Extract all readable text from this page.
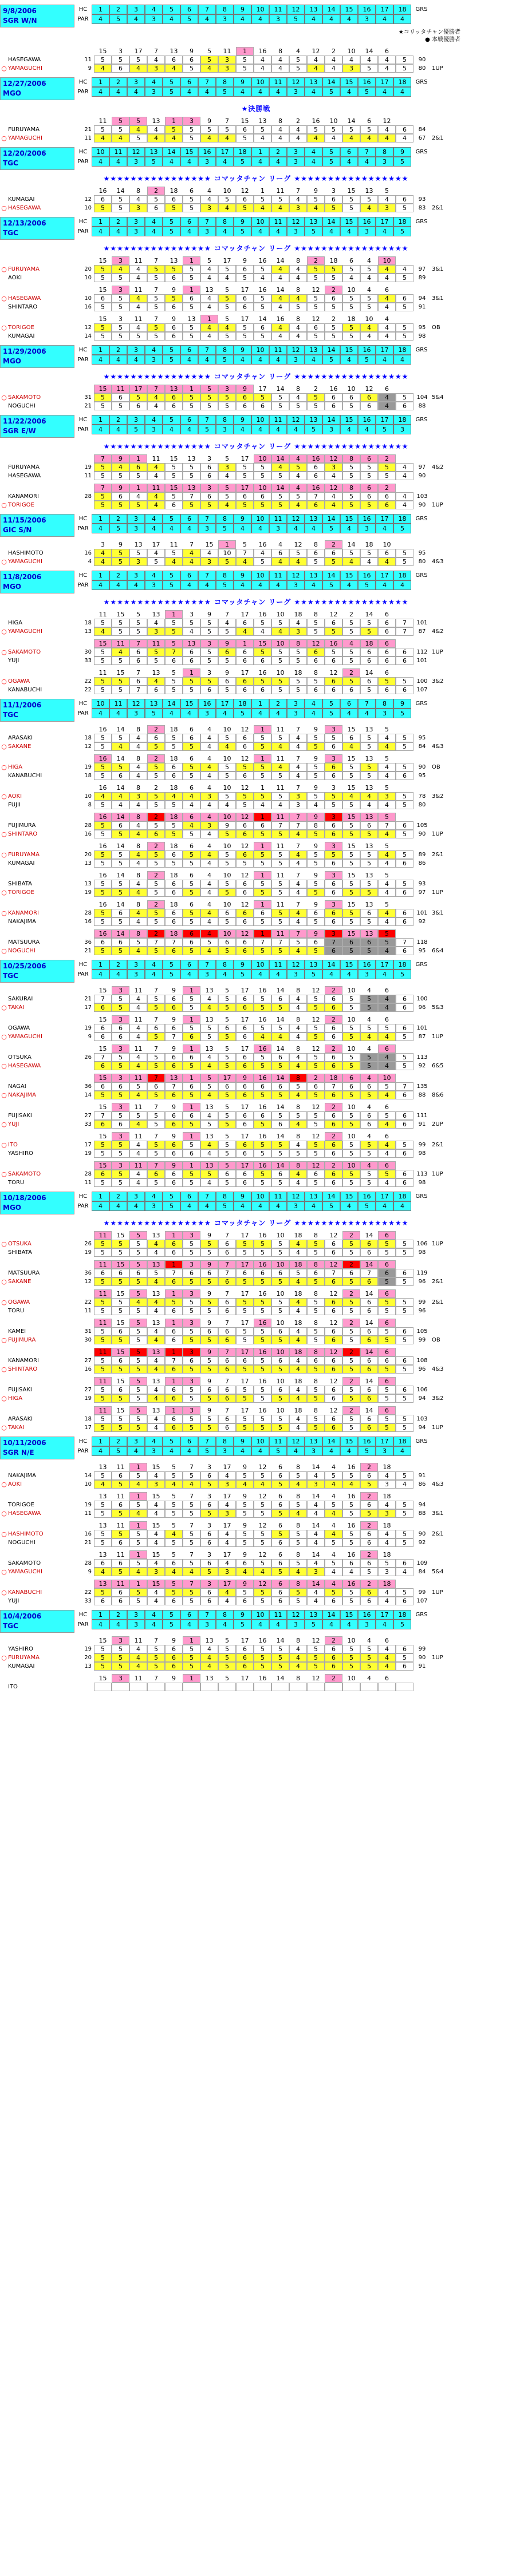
9/8/2006
SGR W/N
HC	1	2	3	4	5	6	7	8	9	10	11	12	13	14	15	16	17	18	GRS
PAR	4	5	4	3	4	5	4	3	4	4	3	5	4	4	4	3	4	4
★コリッタチャン優勝者
● 本戦優勝者
15	3	17	7	13	9	5	11	1	16	8	4	12	2	10	14	6
HASEGAWA	11	5	5	5	4	6	6	5	3	5	4	4	5	4	4	4	4	4	5	90
○ YAMAGUCHI	9	4	6	4	3	4	5	4	3	5	4	4	5	4	4	3	5	4	5	80	1UP
12/27/2006
MGO
HC	1	2	3	4	5	6	7	8	9	10	11	12	13	14	15	16	17	18	GRS
PAR	4	4	4	3	5	4	4	5	4	4	4	3	4	5	4	5	4	4
★決勝戦
11	5	5	13	1	3	9	7	15	13	8	2	16	10	14	6	12
FURUYAMA	21	5	5	4	4	5	5	5	5	6	5	4	4	5	5	5	5	4	6	84
○ YAMAGUCHI	11	4	4	5	4	4	5	4	4	5	4	4	4	4	4	4	4	4	4	67	2&1
12/20/2006
TGC
HC	10	11	12	13	14	15	16	17	18	1	2	3	4	5	6	7	8	9	GRS
PAR	4	4	3	5	4	4	3	4	5	4	4	3	4	5	4	4	3	5
★★★★★★★★★★★★★★★★ コマッタチャン リーグ ★★★★★★★★★★★★★★★★★
16	14	8	2	18	6	4	10	12	1	11	7	9	3	15	13	5
KUMAGAI	12	6	5	4	5	6	5	4	5	6	5	5	4	5	6	5	5	4	6	93
○ HASEGAWA	10	5	5	3	6	5	5	3	4	5	4	4	3	4	5	5	4	3	5	83	2&1
12/13/2006
TGC
HC	1	2	3	4	5	6	7	8	9	10	11	12	13	14	15	16	17	18	GRS
PAR	4	4	3	4	5	4	3	4	5	4	4	3	5	4	4	3	4	5
★★★★★★★★★★★★★★★★ コマッタチャン リーグ ★★★★★★★★★★★★★★★★★
15	3	11	7	13	1	5	17	9	16	14	8	2	18	6	4	10
○ FURUYAMA	20	5	4	4	5	5	5	4	5	6	5	4	4	5	5	5	5	4	4	97	3&1
AOKI	10	5	5	4	5	6	5	4	4	5	4	4	4	5	5	4	4	4	5	89
15	3	11	7	9	1	13	5	17	16	14	8	12	2	10	4	6
○ HASEGAWA	10	6	5	4	5	5	6	4	5	6	5	4	4	5	6	5	5	4	6	94	3&1
SHINTARO	16	5	5	4	5	6	5	4	5	6	5	4	5	5	5	5	5	4	5	91
15	3	11	7	9	13	1	5	17	14	16	8	12	2	18	10	4
○ TORIGOE	12	5	5	4	5	6	5	4	4	5	6	4	4	6	5	5	4	4	5	95	OB
KUMAGAI	14	5	5	5	5	6	5	4	5	5	5	4	4	5	5	5	4	4	5	98
11/29/2006
MGO
HC	1	2	3	4	5	6	7	8	9	10	11	12	13	14	15	16	17	18	GRS
PAR	4	4	4	3	5	4	4	5	4	4	4	3	4	5	4	5	4	4
★★★★★★★★★★★★★★★★ コマッタチャン リーグ ★★★★★★★★★★★★★★★★★
15	11	17	7	13	1	5	3	9	17	14	8	2	16	10	12	6
○ SAKAMOTO	31	5	6	5	4	6	5	5	5	6	5	5	4	5	6	6	6	4	5	104 5&4
NOGUCHI	21	5	5	6	4	6	5	5	5	6	6	5	5	5	6	5	6	4	6	88
11/22/2006
SGR E/W
HC	1	2	3	4	5	6	7	8	9	10	11	12	13	14	15	16	17	18	GRS
PAR	4	4	5	3	4	4	5	3	4	4	4	4	5	3	4	4	5	3
★★★★★★★★★★★★★★★★ コマッタチャン リーグ ★★★★★★★★★★★★★★★★★
7	9	1	11	15	13	3	5	17	10	14	4	16	12	8	6	2
FURUYAMA	19	5	4	6	4	5	5	6	3	5	5	4	5	6	3	5	5	5	4	97	4&2
HASEGAWA	11	5	5	5	4	5	5	6	4	5	5	5	4	6	4	5	5	5	4	90
7	9	1	11	15	13	3	5	17	10	14	4	16	12	8	6	2
KANAMORI	28	5	6	4	4	5	7	6	5	6	6	5	5	7	4	5	6	6	4	103
○ TORIGOE	5	5	5	4	6	5	5	4	5	5	5	4	6	4	5	5	6	4	90	1UP
11/15/2006
GIC S/N
HC	1	2	3	4	5	6	7	8	9	10	11	12	13	14	15	16	17	18	GRS
PAR	4	5	3	4	4	4	3	5	4	4	3	4	4	5	4	3	4	5
3	9	13	17	11	7	15	1	5	16	4	12	8	2	14	18	10
HASHIMOTO	16	4	5	5	4	5	4	4	10	7	4	6	5	6	6	5	5	6	5	95
○ YAMAGUCHI	4	4	5	3	5	4	4	3	5	4	5	4	4	5	5	4	4	4	5	80	4&3
11/8/2006
MGO
HC	1	2	3	4	5	6	7	8	9	10	11	12	13	14	15	16	17	18	GRS
PAR	4	4	4	3	5	4	4	5	4	4	4	3	4	5	4	5	4	4
★★★★★★★★★★★★★★★★ コマッタチャン リーグ ★★★★★★★★★★★★★★★★★
11	15	5	13	1	3	9	7	17	16	10	18	8	12	2	14	6
HIGA	18	5	5	5	4	5	5	5	4	6	5	5	4	5	6	5	5	6	7	101
○ YAMAGUCHI	13	4	5	5	3	5	4	5	5	4	4	4	3	5	5	5	5	6	7	87	4&2
15	11	7	11	5	13	3	9	1	15	10	8	12	16	4	18	6
○ SAKAMOTO	30	5	4	6	5	7	6	5	6	6	5	5	5	6	5	5	6	6	6	112 1UP
YUJI	33	5	5	6	5	6	6	5	5	6	6	5	5	6	6	5	6	6	6	101
11	15	7	13	5	1	3	9	17	16	10	18	8	12	2	14	6
○ OGAWA	22	5	5	6	4	5	5	5	6	6	5	5	5	5	6	5	6	5	5	100 3&2
KANABUCHI	22	5	5	7	6	5	5	6	5	6	6	5	5	6	6	6	5	6	6	107
11/1/2006
TGC
HC	10	11	12	13	14	15	16	17	18	1	2	3	4	5	6	7	8	9	GRS
PAR	4	4	3	5	4	4	3	4	5	4	4	3	4	5	4	4	3	5
16	14	8	2	18	6	4	10	12	1	11	7	9	3	15	13	5
ARASAKI	18	5	5	4	6	5	6	4	5	6	5	5	4	5	5	6	5	4	5	95
○ SAKANE	12	5	4	4	5	5	5	4	4	6	5	4	4	5	6	4	5	4	5	84	4&3
16	14	8	2	18	6	4	10	12	1	11	7	9	3	15	13	5
○ HIGA	19	5	5	4	5	6	5	4	5	5	5	4	4	5	6	5	5	4	5	90	OB
KANABUCHI	18	5	6	4	5	6	5	4	5	6	5	5	4	5	6	5	5	4	6	95
16	14	8	2	18	6	4	10	12	1	11	7	9	3	15	13	5
○ AOKI	10	4	4	3	5	4	4	3	5	5	5	5	3	5	5	4	4	3	5	78	3&2
FUJII	8	5	4	4	5	5	4	4	4	5	4	4	3	4	5	5	4	4	5	80
16	14	8	2	18	6	4	10	12	1	11	7	9	3	15	13	5
FUJIMURA	28	5	6	4	5	5	4	3	9	6	6	7	7	8	6	5	6	7	6	105
○ SHINTARO	16	5	5	4	6	5	5	4	5	6	5	5	4	5	6	5	5	4	5	90	1UP
16	14	8	2	18	6	4	10	12	1	11	7	9	3	15	13	5
○ FURUYAMA	20	5	5	4	5	6	5	4	5	6	5	5	4	5	5	5	5	4	5	89	2&1
KUMAGAI	13	5	5	4	5	5	5	4	5	5	5	5	4	5	6	5	5	4	6	86
16	14	8	2	18	6	4	10	12	1	11	7	9	3	15	13	5
SHIBATA	13	5	5	4	5	6	5	4	5	6	5	5	4	5	6	5	5	4	5	93
○ TORIGOE	19	5	5	4	5	6	5	4	5	6	5	5	4	5	6	5	5	4	6	97	1UP
16	14	8	2	18	6	4	10	12	1	11	7	9	3	15	13	5
○ KANAMORI	28	5	6	4	5	6	5	4	6	6	6	5	4	6	6	5	6	4	6	101 3&1
NAKAJIMA	16	5	5	4	5	6	5	4	5	6	5	5	4	5	6	5	5	4	6	92
16	14	8	2	18	6	4	10	12	1	11	7	9	3	15	13	5
MATSUURA	36	6	6	5	7	7	6	5	6	6	7	7	5	6	7	6	6	5	7	118
○ NOGUCHI	21	5	5	4	5	6	5	4	5	6	5	5	4	5	6	5	5	4	6	95	6&4
10/25/2006
TGC
HC	1	2	3	4	5	6	7	8	9	10	11	12	13	14	15	16	17	18	GRS
PAR	4	4	3	4	5	4	3	4	5	4	4	3	5	4	4	3	4	5
15	3	11	7	9	1	13	5	17	16	14	8	12	2	10	4	6
SAKURAI	21	7	5	4	5	6	5	4	5	6	5	6	4	5	6	5	5	4	6	100
○ TAKAI	17	6	5	4	5	6	5	4	5	6	5	5	4	5	6	5	5	4	6	96	5&3
15	3	11	7	9	1	13	5	17	16	14	8	12	2	10	4	6
OGAWA	19	6	6	4	6	6	5	5	6	6	5	5	4	5	6	5	5	5	6	101
○ YAMAGUCHI	9	6	6	4	5	7	6	5	5	6	4	4	4	5	6	5	4	4	5	87	1UP
15	3	11	7	9	1	13	5	17	16	14	8	12	2	10	4	6
OTSUKA	26	7	5	4	5	6	6	4	5	6	5	6	4	5	6	5	5	4	5	113
○ HASEGAWA	6	5	4	5	6	5	4	5	6	5	5	4	5	6	5	5	4	5	92	6&5
15	3	11	7	13	1	5	17	9	16	14	8	2	18	6	4	10
NAGAI	36	6	6	5	6	7	6	5	6	6	6	6	5	6	7	6	6	5	7	135
○ NAKAJIMA	14	5	5	4	5	6	5	4	5	6	5	5	4	5	6	5	5	4	6	88	8&6
15	3	11	7	9	1	13	5	17	16	14	8	12	2	10	4	6
FUJISAKI	27	7	5	5	5	6	6	4	5	6	6	5	5	5	6	5	6	5	6	111
○ YUJI	33	6	6	4	5	6	5	5	5	6	5	6	4	5	6	5	6	4	6	91	2UP
15	3	11	7	9	1	13	5	17	16	14	8	12	2	10	4	6
○ ITO	17	5	5	4	5	6	5	4	5	6	5	5	4	5	6	5	5	4	5	99	2&1
YASHIRO	19	5	5	4	5	6	6	4	5	6	5	5	5	5	6	5	5	4	6	98
15	3	11	7	9	1	13	5	17	16	14	8	12	2	10	4	6
○ SAKAMOTO	28	6	5	4	6	6	5	5	6	6	5	6	4	6	6	5	5	5	6	113 1UP
TORU	11	5	5	4	5	6	5	4	5	6	5	5	4	5	6	5	5	4	6	98
10/18/2006
MGO
HC	1	2	3	4	5	6	7	8	9	10	11	12	13	14	15	16	17	18	GRS
PAR	4	4	4	3	5	4	4	5	4	4	4	3	4	5	4	5	4	4
★★★★★★★★★★★★★★★★ コマッタチャン リーグ ★★★★★★★★★★★★★★★★★
11	15	5	13	1	3	9	7	17	16	10	18	8	12	2	14	6
○ OTSUKA	26	5	5	5	4	6	5	5	6	5	5	5	4	5	6	5	6	5	5	106 1UP
SHIBATA	19	5	5	5	4	6	5	5	6	5	5	5	4	5	6	5	6	5	5	98
11	15	5	13	1	3	9	7	17	16	10	18	8	12	2	14	6
MATSUURA	36	6	6	6	5	7	6	6	7	6	6	6	5	6	7	6	7	6	6	119
○ SAKANE	12	5	5	5	4	6	5	5	6	5	5	5	4	5	6	5	6	5	5	96	2&1
11	15	5	13	1	3	9	7	17	16	10	18	8	12	2	14	6
○ OGAWA	22	5	5	4	4	5	5	5	6	5	5	5	4	5	6	5	6	5	5	99	2&1
TORU	11	5	5	5	4	6	5	5	6	5	5	5	4	5	6	5	6	5	5	96
11	15	5	13	1	3	9	7	17	16	10	18	8	12	2	14	6
KAMEI	31	5	6	5	4	6	5	6	6	5	5	6	4	5	6	5	6	5	6	105
○ FUJIMURA	30	5	5	5	4	6	5	5	6	5	5	5	4	5	6	5	6	5	5	99	OB
11	15	5	13	1	3	9	7	17	16	10	18	8	12	2	14	6
KANAMORI	27	5	6	5	4	7	6	5	6	6	5	6	4	6	6	5	6	6	6	108
○ SHINTARO	16	5	5	5	4	6	5	5	6	5	5	5	4	5	6	5	6	5	5	96	4&3
11	15	5	13	1	3	9	7	17	16	10	18	8	12	2	14	6
FUJISAKI	27	5	6	5	4	6	5	6	6	5	5	6	4	5	6	5	6	5	6	106
○ HIGA	19	5	5	5	4	6	5	5	6	5	5	5	4	5	6	5	6	5	5	94	3&2
11	15	5	13	1	3	9	7	17	16	10	18	8	12	2	14	6
ARASAKI	18	5	5	5	4	6	5	5	6	5	5	5	4	5	6	5	6	5	5	103
○ TAKAI	17	5	5	5	4	6	5	5	6	5	5	5	4	5	6	5	6	5	5	94	1UP
10/11/2006
SGR N/E
HC	1	2	3	4	5	6	7	8	9	10	11	12	13	14	15	16	17	18	GRS
PAR	4	5	4	3	4	4	5	3	4	4	5	4	3	4	4	5	3	4
13	11	1	15	5	7	3	17	9	12	6	8	14	4	16	2	18
NAKAJIMA	14	5	6	5	4	5	5	6	4	5	5	6	5	4	5	5	6	4	5	91
○ AOKI	10	4	5	4	3	4	4	5	3	4	4	5	4	3	4	4	5	3	4	86	4&3
13	11	1	15	5	7	3	17	9	12	6	8	14	4	16	2	18
TORIGOE	19	5	6	5	4	5	5	6	4	5	5	6	5	4	5	5	6	4	5	94
○ HASEGAWA	11	5	5	4	4	5	5	5	3	5	5	5	4	4	4	5	5	3	5	88	3&1
13	11	1	15	5	7	3	17	9	12	6	8	14	4	16	2	18
○ HASHIMOTO	16	5	5	5	4	4	5	6	4	5	5	5	5	4	4	5	6	4	5	90	2&1
NOGUCHI	21	5	6	5	4	5	5	6	4	5	5	6	5	4	5	5	6	4	5	92
13	11	1	15	5	7	3	17	9	12	6	8	14	4	16	2	18
SAKAMOTO	28	6	6	5	4	6	5	6	4	6	5	6	5	4	5	6	6	5	6	109
○ YAMAGUCHI	9	4	5	4	3	4	4	5	3	4	4	5	4	3	4	4	5	3	4	84	5&4
13	11	1	15	5	7	3	17	9	12	6	8	14	4	16	2	18
○ KANABUCHI	22	5	6	5	4	5	5	6	4	5	5	6	5	4	5	5	6	4	5	99	1UP
YUJI	33	6	6	5	4	6	5	6	4	6	5	6	5	4	6	5	6	4	6	107
10/4/2006
TGC
HC	1	2	3	4	5	6	7	8	9	10	11	12	13	14	15	16	17	18	GRS
PAR	4	4	3	4	5	4	3	4	5	4	4	3	5	4	4	3	4	5
15	3	11	7	9	1	13	5	17	16	14	8	12	2	10	4	6
YASHIRO	19	5	5	4	5	6	5	4	5	6	5	5	4	5	6	5	5	4	6	99
○ FURUYAMA	20	5	5	4	5	6	5	4	5	6	5	5	4	5	6	5	5	4	5	90	1UP
KUMAGAI	13	5	5	4	5	6	5	4	5	6	5	5	4	5	6	5	5	4	6	91
15	3	11	7	9	1	13	5	17	16	14	8	12	2	10	4	6
ITO
